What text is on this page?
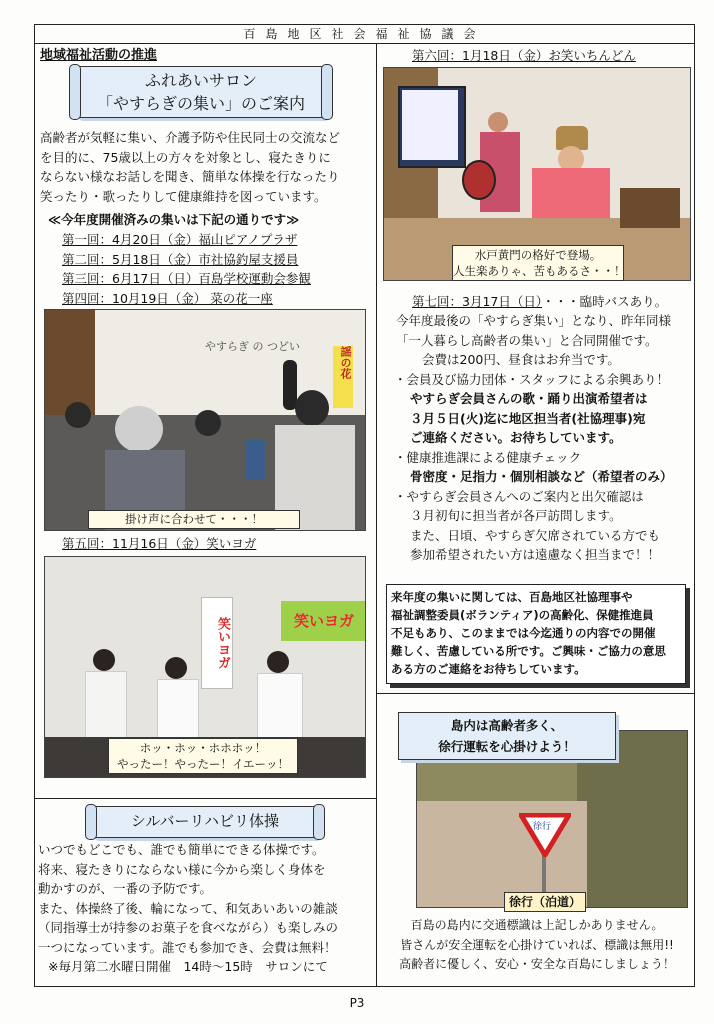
百島地区社会福祉協議会
地域福祉活動の推進
ふれあいサロン
「やすらぎの集い」のご案内
高齢者が気軽に集い、介護予防や住民同士の交流など
を目的に、75歳以上の方々を対象とし、寝たきりに
ならない様なお話しを聞き、簡単な体操を行なったり
笑ったり・歌ったりして健康維持を図っています。
≪今年度開催済みの集いは下記の通りです≫
第一回：4月20日（金）福山ピアノプラザ
第二回：5月18日（金）市社協釣屋支援員
第三回：6月17日（日）百島学校運動会参観
第四回：10月19日（金） 菜の花一座
やすらぎ の つどい	謡の花
掛け声に合わせて・・・！
第五回：11月16日（金）笑いヨガ
笑いヨガ
笑いヨガ
ホッ・ホッ・ホホホッ！
やったー！やったー！イエーッ！
シルバーリハビリ体操
いつでもどこでも、誰でも簡単にできる体操です。
将来、寝たきりにならない様に今から楽しく身体を
動かすのが、一番の予防です。
また、体操終了後、輪になって、和気あいあいの雑談
（同指導士が持参のお菓子を食べながら）も楽しみの
一つになっています。誰でも参加でき、会費は無料！
※毎月第二水曜日開催　14時〜15時　サロンにて
第六回：1月18日（金）お笑いちんどん
水戸黄門の格好で登場。
人生楽ありゃ、苦もあるさ・・！
第七回：3月17日（日）・・・臨時バスあり。
今年度最後の「やすらぎ集い」となり、昨年同様
「一人暮らし高齢者の集い」と合同開催です。
会費は200円、昼食はお弁当です。
・会員及び協力団体・スタッフによる余興あり！
やすらぎ会員さんの歌・踊り出演希望者は
３月５日(火)迄に地区担当者(社協理事)宛
ご連絡ください。お待ちしています。
・健康推進課による健康チェック
骨密度・足指力・個別相談など（希望者のみ）
・やすらぎ会員さんへのご案内と出欠確認は
３月初旬に担当者が各戸訪問します。
また、日頃、やすらぎ欠席されている方でも
参加希望されたい方は遠慮なく担当まで！！
来年度の集いに関しては、百島地区社協理事や
福祉調整委員(ボランティア)の高齢化、保健推進員
不足もあり、このままでは今迄通りの内容での開催
難しく、苦慮している所です。ご興味・ご協力の意思
ある方のご連絡をお待ちしています。
徐行
島内は高齢者多く、
徐行運転を心掛けよう！
徐行（泊道）
百島の島内に交通標識は上記しかありません。
皆さんが安全運転を心掛けていれば、標識は無用!!
高齢者に優しく、安心・安全な百島にしましょう！
P3
